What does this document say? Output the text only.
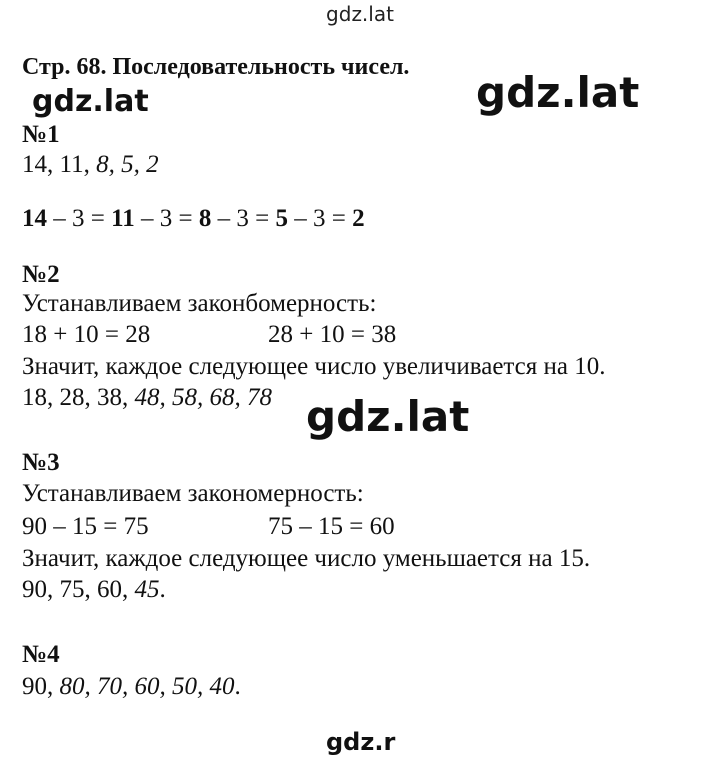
gdz.lat
Стр. 68. Последовательность чисел.
gdz.lat	gdz.lat
№1
14, 11, 8, 5, 2
14 – 3 = 11 – 3 = 8 – 3 = 5 – 3 = 2
№2
Устанавливаем законбомерность:
18 + 10 = 28	28 + 10 = 38
Значит, каждое следующее число увеличивается на 10.
18, 28, 38, 48, 58, 68, 78 gdz.lat
№3
Устанавливаем закономерность:
90 – 15 = 75	75 – 15 = 60
Значит, каждое следующее число уменьшается на 15.
90, 75, 60, 45.
№4
90, 80, 70, 60, 50, 40.
gdz.r
